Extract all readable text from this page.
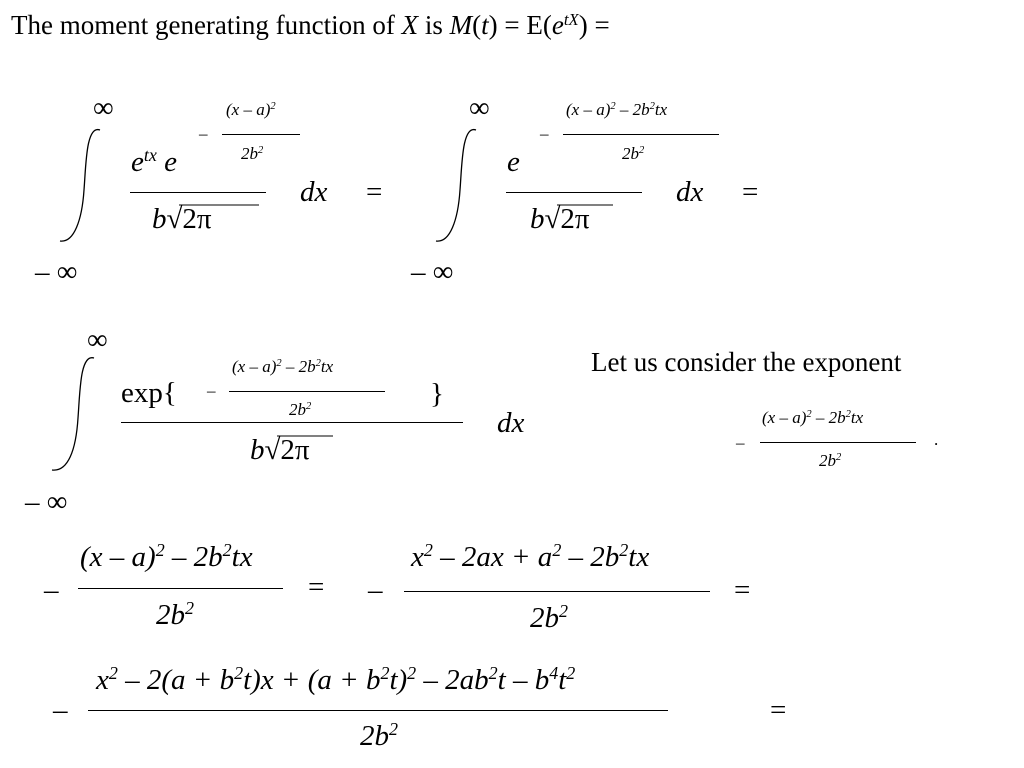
The moment generating function of X is $M(t) = E(e^{tX})$ =
∞
– ∞
$e^{tx}$ e
–
(x – a)$^2$
$2b^2$
b√2π
dx =
∞
– ∞
e
–
$(x - a)^2 - 2b^2tx$
$2b^2$
b√2π
dx =
∞
– ∞
exp{ –
$(x - a)^2 - 2b^2tx$
$2b^2$	}
b√2π
dx
Let us consider the exponent
–
$(x - a)^2 - 2b^2tx$
$2b^2$
.
–
$(x - a)^2 - 2b^2tx$
$2b^2$
= –
$x^2 - 2ax + a^2 - 2b^2tx$
$2b^2$
=
–
$x^2 - 2(a + b^2t)x + (a + b^2t)^2 - 2ab^2t - b^4t^2$
$2b^2$
=
